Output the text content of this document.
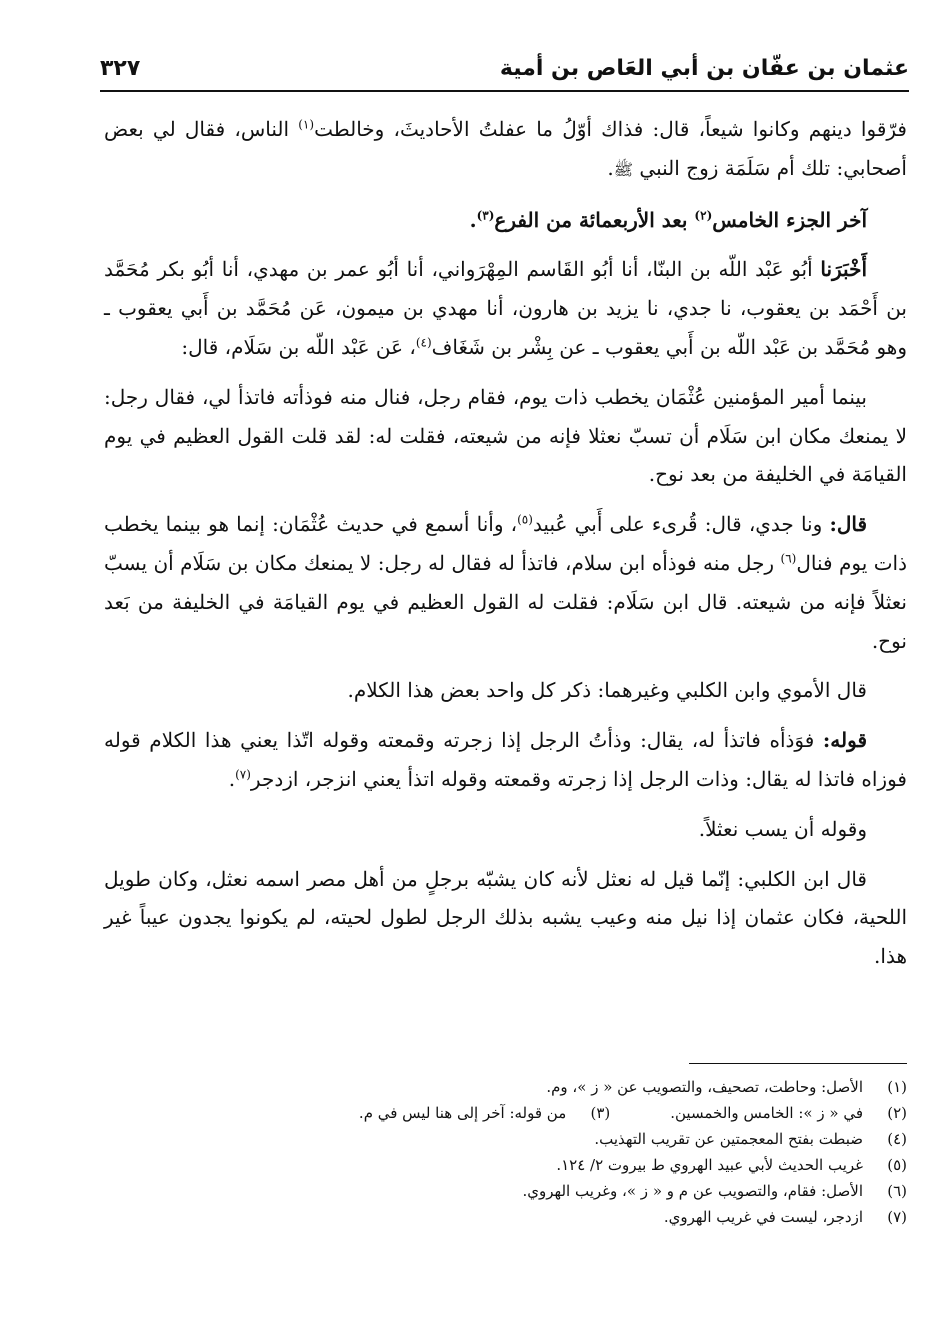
عثمان بن عفّان بن أبي العَاص بن أمية
٣٢٧

فرّقوا دينهم وكانوا شيعاً، قال: فذاك أوّلُ ما عفلتُ الأحاديثَ، وخالطت$^{(١)}$ الناس، فقال لي بعض أصحابي: تلك أم سَلَمَة زوج النبي ﷺ.

آخر الجزء الخامس$^{(٢)}$ بعد الأربعمائة من الفرع$^{(٣)}$.

أَخْبَرَنا أبُو عَبْد اللّه بن البنّا، أنا أبُو القَاسم المِهْرَواني، أنا أبُو عمر بن مهدي، أنا أبُو بكر مُحَمَّد بن أَحْمَد بن يعقوب، نا جدي، نا يزيد بن هارون، أنا مهدي بن ميمون، عَن مُحَمَّد بن أَبي يعقوب ـ وهو مُحَمَّد بن عَبْد اللّه بن أَبي يعقوب ـ عن بِشْر بن شَغَاف$^{(٤)}$، عَن عَبْد اللّه بن سَلَام، قال:

بينما أمير المؤمنين عُثْمَان يخطب ذات يوم، فقام رجل، فنال منه فوذأته فاتذأ لي، فقال رجل: لا يمنعك مكان ابن سَلَام أن تسبّ نعثلا فإنه من شيعته، فقلت له: لقد قلت القول العظيم في يوم القيامَة في الخليفة من بعد نوح.

قال: ونا جدي، قال: قُرىء على أَبي عُبيد$^{(٥)}$، وأنا أسمع في حديث عُثْمَان: إنما هو بينما يخطب ذات يوم فنال$^{(٦)}$ رجل منه فوذأه ابن سلام، فاتذأ له فقال له رجل: لا يمنعك مكان بن سَلَام أن يسبّ نعثلاً فإنه من شيعته. قال ابن سَلَام: فقلت له القول العظيم في يوم القيامَة في الخليفة من بَعد نوح.

قال الأموي وابن الكلبي وغيرهما: ذكر كل واحد بعض هذا الكلام.

قوله: فوَذأه فاتذأ له، يقال: وذأتُ الرجل إذا زجرته وقمعته وقوله اتّذا يعني هذا الكلام قوله فوزاه فاتذا له يقال: وذات الرجل إذا زجرته وقمعته وقوله اتذأ يعني انزجر، ازدجر$^{(٧)}$.

وقوله أن يسب نعثلاً.

قال ابن الكلبي: إنّما قيل له نعثل لأنه كان يشبّه برجلٍ من أهل مصر اسمه نعثل، وكان طويل اللحية، فكان عثمان إذا نيل منه وعيب يشبه بذلك الرجل لطول لحيته، لم يكونوا يجدون عيباً غير هذا.

(١)
الأصل: وحاطت، تصحيف، والتصويب عن « ز »، وم.
(٢)
في « ز »: الخامس والخمسين.
(٣)
من قوله: آخر إلى هنا ليس في م.
(٤)
ضبطت بفتح المعجمتين عن تقريب التهذيب.
(٥)
غريب الحديث لأبي عبيد الهروي ط بيروت ٢/ ١٢٤.
(٦)
الأصل: فقام، والتصويب عن م و « ز »، وغريب الهروي.
(٧)
ازدجر، ليست في غريب الهروي.
